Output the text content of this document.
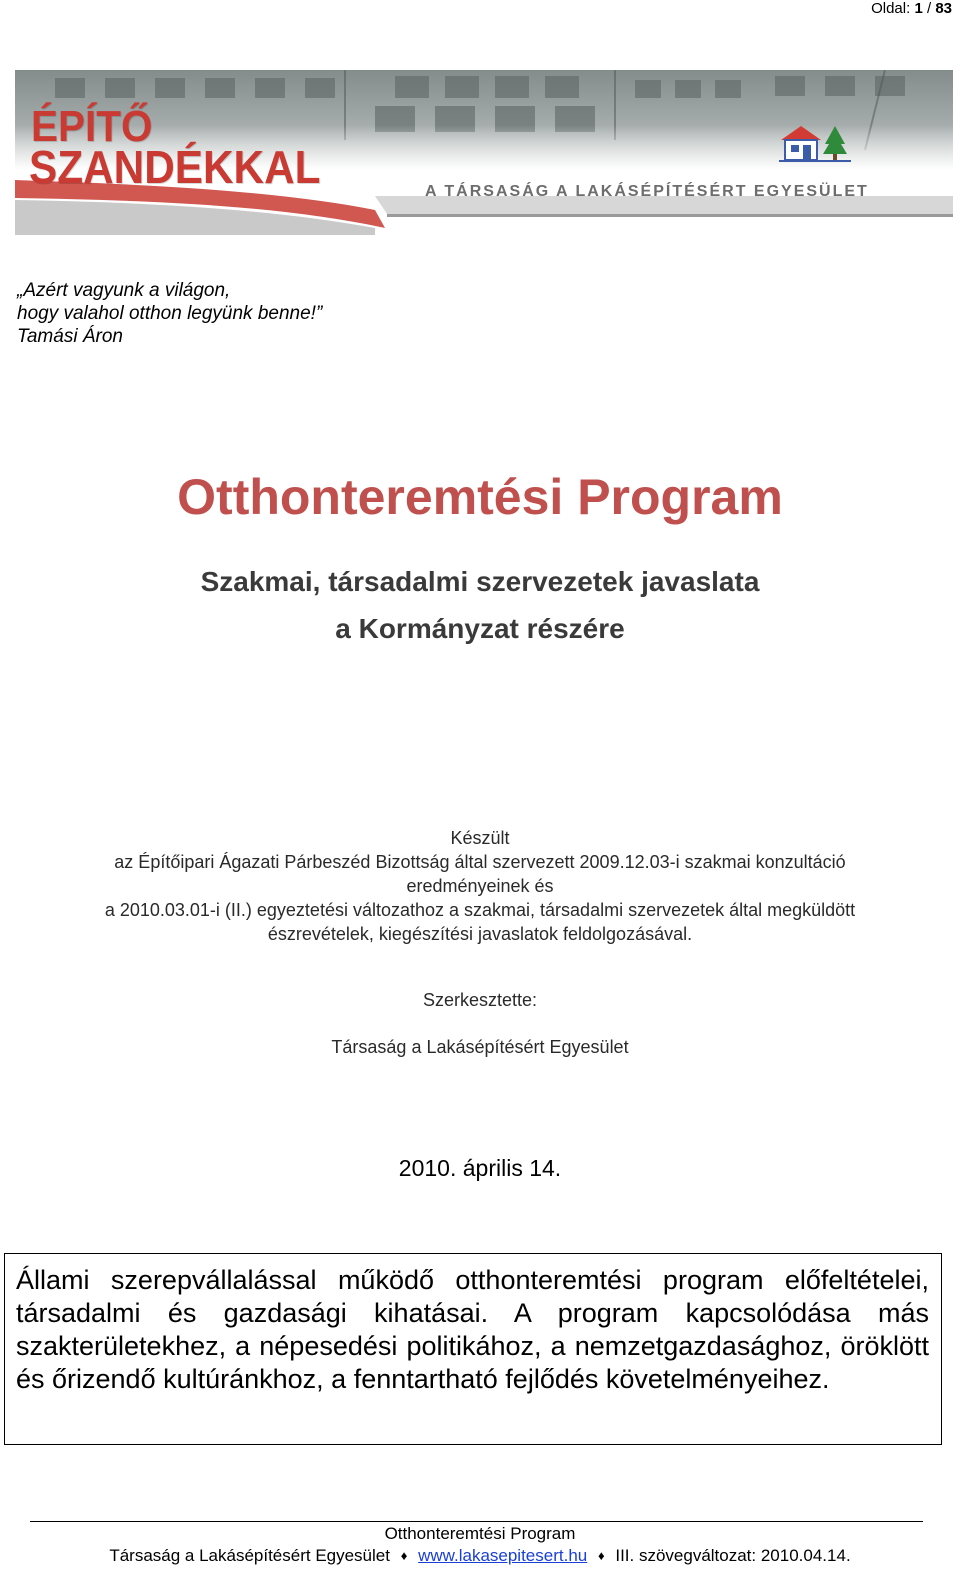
Oldal: 1 / 83
ÉPÍTŐ
SZANDÉKKAL	A TÁRSASÁG A LAKÁSÉPÍTÉSÉRT EGYESÜLET
„Azért vagyunk a világon,
hogy valahol otthon legyünk benne!”
Tamási Áron
Otthonteremtési Program
Szakmai, társadalmi szervezetek javaslata
a Kormányzat részére
Készült
az Építőipari Ágazati Párbeszéd Bizottság által szervezett 2009.12.03-i szakmai konzultáció
eredményeinek és
a 2010.03.01-i (II.) egyeztetési változathoz a szakmai, társadalmi szervezetek által megküldött
észrevételek, kiegészítési javaslatok feldolgozásával.
Szerkesztette:
Társaság a Lakásépítésért Egyesület
2010. április 14.

Állami szerepvállalással működő otthonteremtési program előfeltételei, társadalmi és gazdasági kihatásai. A program kapcsolódása más szakterületekhez, a népesedési politikához, a nemzetgazdasághoz, öröklött és őrizendő kultúránkhoz, a fenntartható fejlődés követelményeihez.

Otthonteremtési Program
Társaság a Lakásépítésért Egyesület ♦ www.lakasepitesert.hu ♦ III. szövegváltozat: 2010.04.14.
